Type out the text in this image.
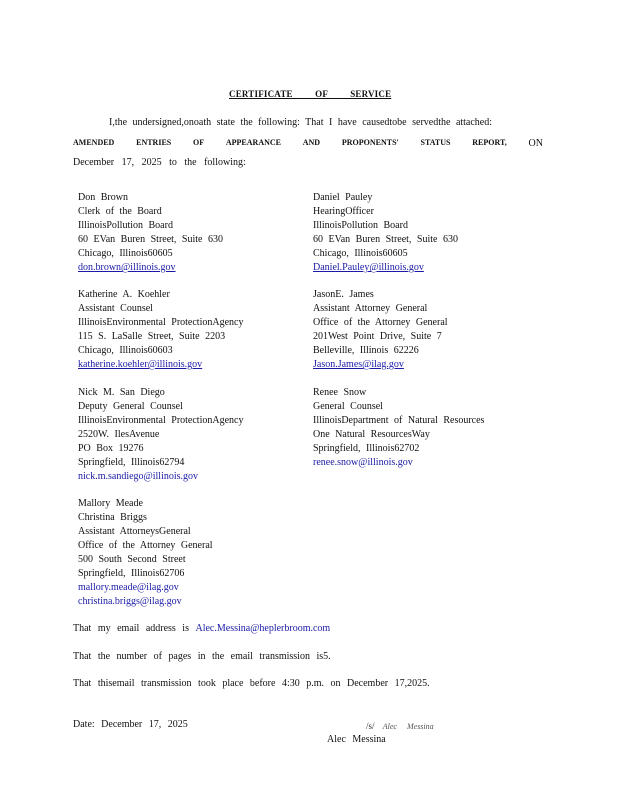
CERTIFICATE OF SERVICE
I,the undersigned,onoath state the following: That I have causedtobe servedthe attached:
AMENDED	ENTRIES	OF	APPEARANCE	AND	PROPONENTS'	STATUS	REPORT, ON
December 17, 2025 to the following:
Don Brown
Clerk of the Board
IllinoisPollution Board
60 EVan Buren Street, Suite 630
Chicago, Illinois60605
don.brown@illinois.gov
Daniel Pauley
HearingOfficer
IllinoisPollution Board
60 EVan Buren Street, Suite 630
Chicago, Illinois60605
Daniel.Pauley@illinois.gov
Katherine A. Koehler
Assistant Counsel
IllinoisEnvironmental ProtectionAgency
115 S. LaSalle Street, Suite 2203
Chicago, Illinois60603
katherine.koehler@illinois.gov
JasonE. James
Assistant Attorney General
Office of the Attorney General
201West Point Drive, Suite 7
Belleville, Illinois 62226
Jason.James@ilag.gov
Nick M. San Diego
Deputy General Counsel
IllinoisEnvironmental ProtectionAgency
2520W. IlesAvenue
PO Box 19276
Springfield, Illinois62794
nick.m.sandiego@illinois.gov
Renee Snow
General Counsel
IllinoisDepartment of Natural Resources
One Natural ResourcesWay
Springfield, Illinois62702
renee.snow@illinois.gov
Mallory Meade
Christina Briggs
Assistant AttorneysGeneral
Office of the Attorney General
500 South Second Street
Springfield, Illinois62706
mallory.meade@ilag.gov
christina.briggs@ilag.gov
That my email address is Alec.Messina@heplerbroom.com
That the number of pages in the email transmission is5.
That thisemail transmission took place before 4:30 p.m. on December 17,2025.
Date: December 17, 2025	/s/ Alec Messina
Alec Messina
